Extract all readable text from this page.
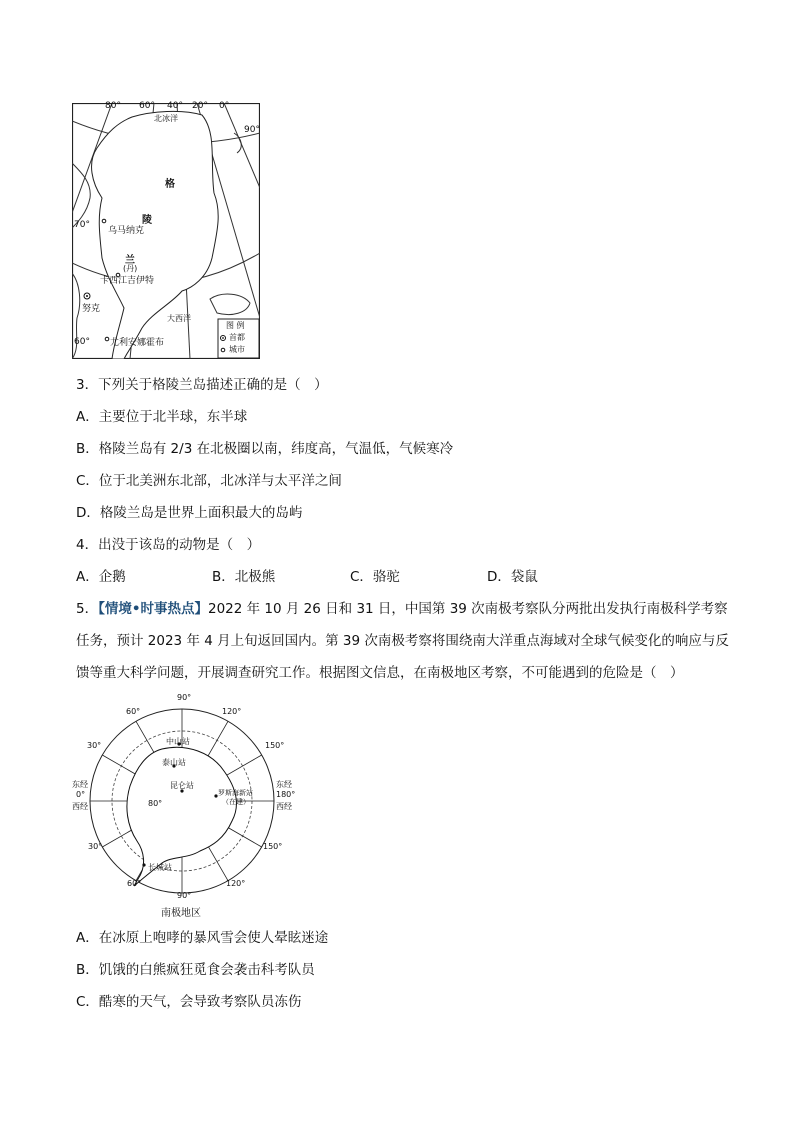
80° 60° 40° 20° 0°
90°
70°
60°
北冰洋
格
陵
兰
(丹)
乌马纳克
卡西江吉伊特
努克
尤利安娜霍布
大西洋
图 例
首都
城市
3．下列关于格陵兰岛描述正确的是（　）
A．主要位于北半球，东半球
B．格陵兰岛有 2/3 在北极圈以南，纬度高，气温低，气候寒冷
C．位于北美洲东北部，北冰洋与太平洋之间
D．格陵兰岛是世界上面积最大的岛屿
4．出没于该岛的动物是（　）
A．企鹅	B．北极熊	C．骆驼	D．袋鼠
5．【情境•时事热点】2022 年 10 月 26 日和 31 日，中国第 39 次南极考察队分两批出发执行南极科学考察任务，预计 2023 年 4 月上旬返回国内。第 39 次南极考察将围绕南大洋重点海域对全球气候变化的响应与反馈等重大科学问题，开展调查研究工作。根据图文信息，在南极地区考察，不可能遇到的危险是（　）
90°
60°	120°
30°	150°
东经
0°
西经
东经
180°
西经
30°	150°
60°	120°
90°
80°
中山站
泰山站
昆仑站
罗斯海新站
（在建）
长城站
南极地区
A．在冰原上咆哮的暴风雪会使人晕眩迷途
B．饥饿的白熊疯狂觅食会袭击科考队员
C．酷寒的天气，会导致考察队员冻伤
